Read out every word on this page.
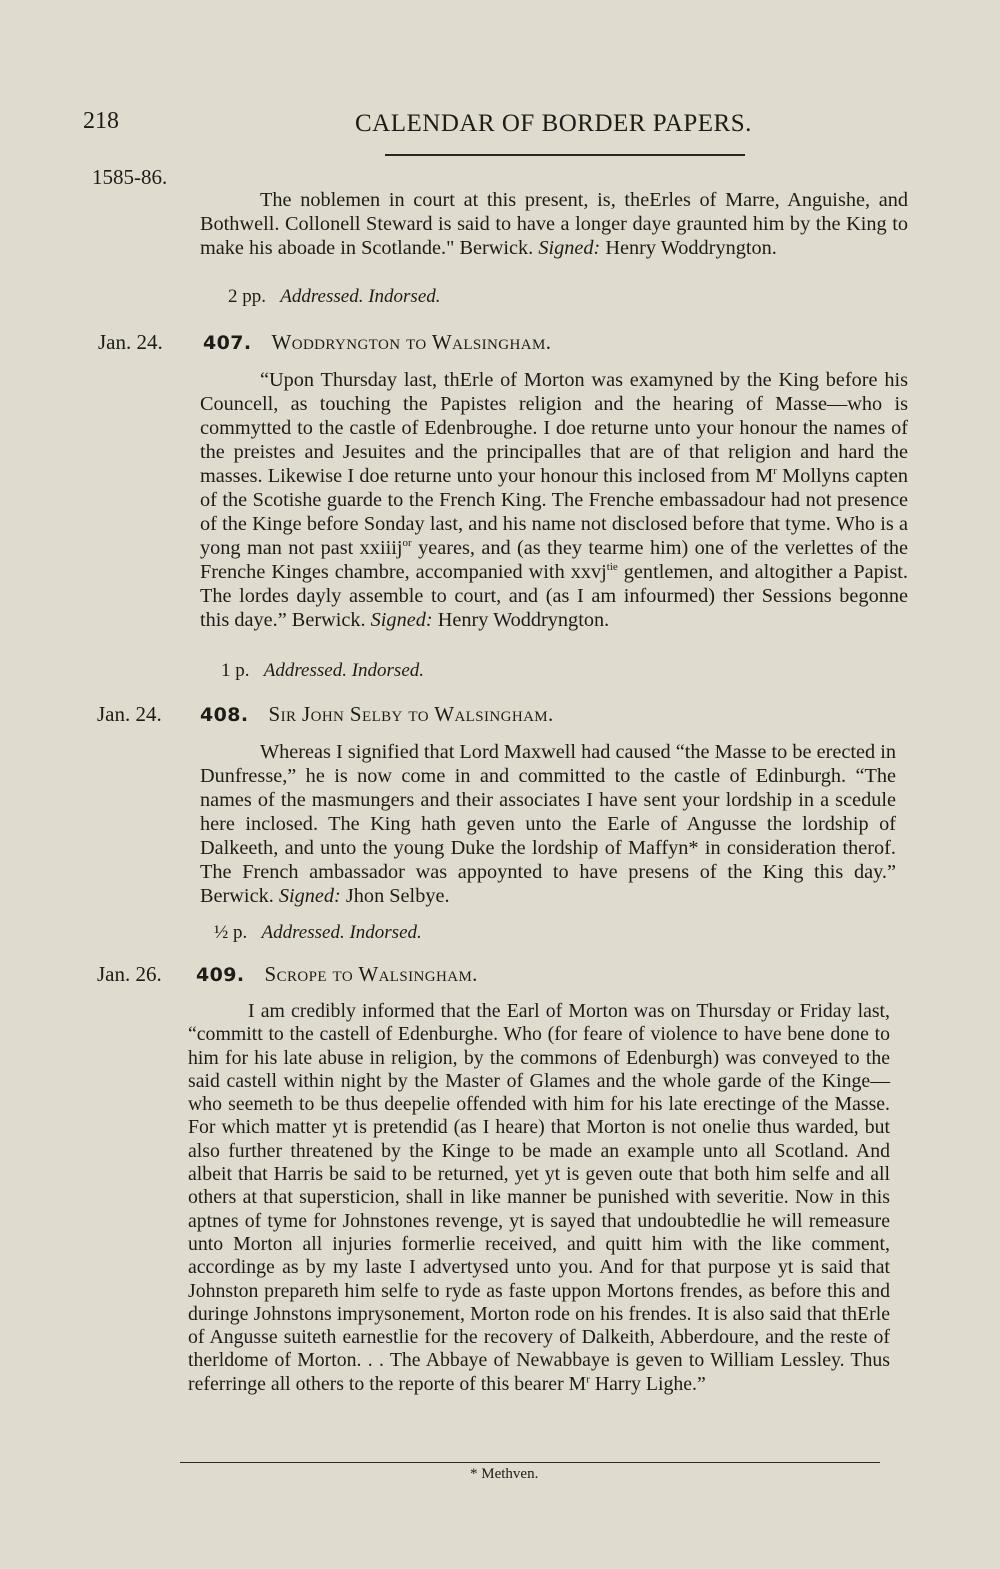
218	CALENDAR OF BORDER PAPERS.
1585-86.

The noblemen in court at this present, is, theErles of Marre, Anguishe, and Bothwell. Collonell Steward is said to have a longer daye graunted him by the King to make his aboade in Scotlande." Berwick. Signed: Henry Woddryngton.

2 pp. Addressed. Indorsed.
Jan. 24. 407. Woddryngton to Walsingham.

“Upon Thursday last, thErle of Morton was examyned by the King before his Councell, as touching the Papistes religion and the hearing of Masse—who is commytted to the castle of Edenbroughe. I doe returne unto your honour the names of the preistes and Jesuites and the principalles that are of that religion and hard the masses. Likewise I doe returne unto your honour this inclosed from $M^r$ Mollyns capten of the Scotishe guarde to the French King. The Frenche embassadour had not presence of the Kinge before Sonday last, and his name not disclosed before that tyme. Who is a yong man not past xxiiij$^{or}$ yeares, and (as they tearme him) one of the verlettes of the Frenche Kinges chambre, accompanied with xxvj$^{tie}$ gentlemen, and altogither a Papist. The lordes dayly assemble to court, and (as I am infourmed) ther Sessions begonne this daye.” Berwick. Signed: Henry Woddryngton.

1 p. Addressed. Indorsed.
Jan. 24. 408. Sir John Selby to Walsingham.

Whereas I signified that Lord Maxwell had caused “the Masse to be erected in Dunfresse,” he is now come in and committed to the castle of Edinburgh. “The names of the masmungers and their associates I have sent your lordship in a scedule here inclosed. The King hath geven unto the Earle of Angusse the lordship of Dalkeeth, and unto the young Duke the lordship of Maffyn* in consideration therof. The French ambassador was appoynted to have presens of the King this day.” Berwick. Signed: Jhon Selbye.

½ p. Addressed. Indorsed.
Jan. 26. 409. Scrope to Walsingham.

I am credibly informed that the Earl of Morton was on Thursday or Friday last, “committ to the castell of Edenburghe. Who (for feare of violence to have bene done to him for his late abuse in religion, by the commons of Edenburgh) was conveyed to the said castell within night by the Master of Glames and the whole garde of the Kinge—who seemeth to be thus deepelie offended with him for his late erectinge of the Masse. For which matter yt is pretendid (as I heare) that Morton is not onelie thus warded, but also further threatened by the Kinge to be made an example unto all Scotland. And albeit that Harris be said to be returned, yet yt is geven oute that both him selfe and all others at that supersticion, shall in like manner be punished with severitie. Now in this aptnes of tyme for Johnstones revenge, yt is sayed that undoubtedlie he will remeasure unto Morton all injuries formerlie received, and quitt him with the like comment, accordinge as by my laste I advertysed unto you. And for that purpose yt is said that Johnston prepareth him selfe to ryde as faste uppon Mortons frendes, as before this and duringe Johnstons imprysonement, Morton rode on his frendes. It is also said that thErle of Angusse suiteth earnestlie for the recovery of Dalkeith, Abberdoure, and the reste of therldome of Morton. . . The Abbaye of Newabbaye is geven to William Lessley. Thus referringe all others to the reporte of this bearer $M^r$ Harry Lighe.”

* Methven.
